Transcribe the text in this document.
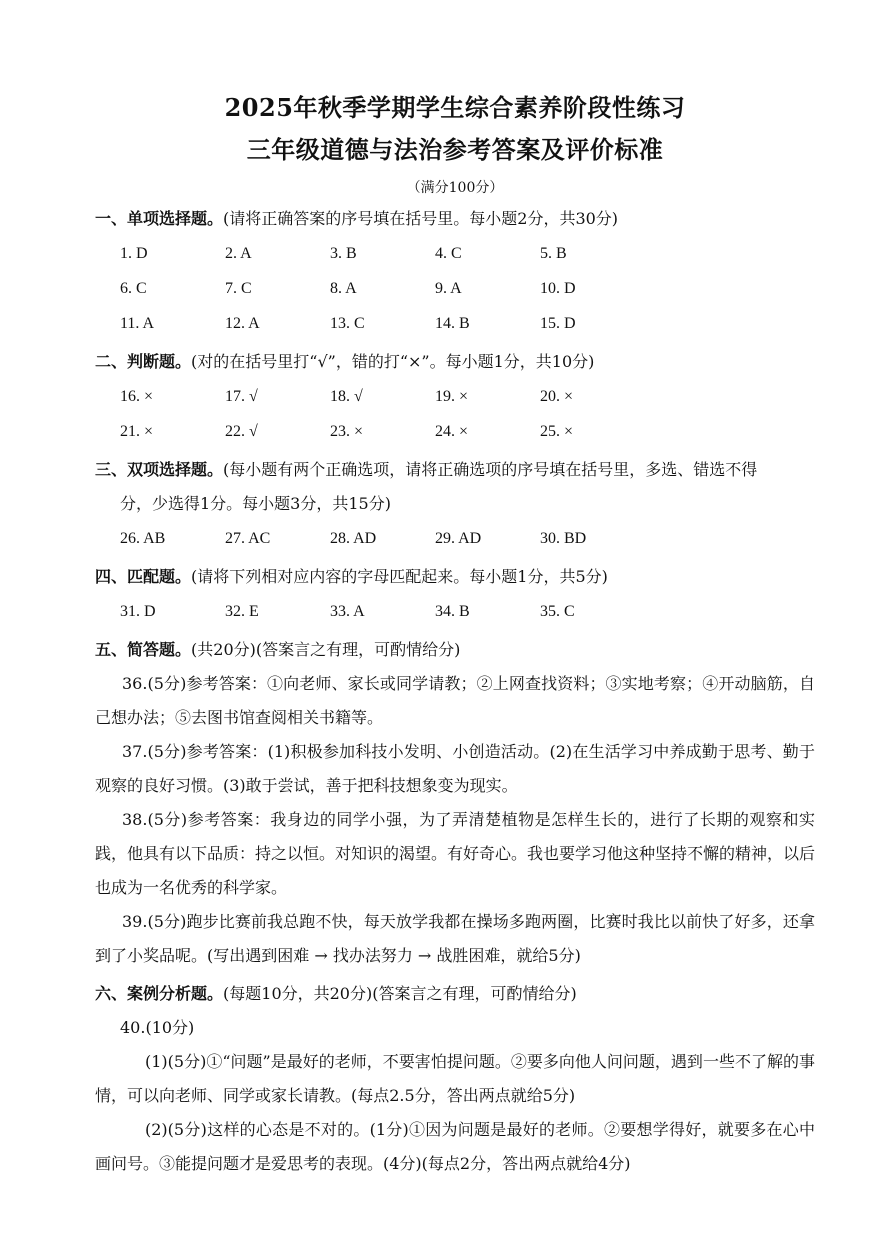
2025年秋季学期学生综合素养阶段性练习
三年级道德与法治参考答案及评价标准
（满分100分）
一、单项选择题。(请将正确答案的序号填在括号里。每小题2分，共30分)
1. D	2. A	3. B	4. C	5. B
6. C	7. C	8. A	9. A	10. D
11. A	12. A	13. C	14. B	15. D
二、判断题。(对的在括号里打“√”，错的打“×”。每小题1分，共10分)
16. ×	17. √	18. √	19. ×	20. ×
21. ×	22. √	23. ×	24. ×	25. ×
三、双项选择题。(每小题有两个正确选项，请将正确选项的序号填在括号里，多选、错选不得
分，少选得1分。每小题3分，共15分)
26. AB	27. AC	28. AD	29. AD	30. BD
四、匹配题。(请将下列相对应内容的字母匹配起来。每小题1分，共5分)
31. D	32. E	33. A	34. B	35. C
五、简答题。(共20分)(答案言之有理，可酌情给分)
36.(5分)参考答案：①向老师、家长或同学请教；②上网查找资料；③实地考察；④开动脑筋，自己想办法；⑤去图书馆查阅相关书籍等。
37.(5分)参考答案：(1)积极参加科技小发明、小创造活动。(2)在生活学习中养成勤于思考、勤于观察的良好习惯。(3)敢于尝试，善于把科技想象变为现实。
38.(5分)参考答案：我身边的同学小强，为了弄清楚植物是怎样生长的，进行了长期的观察和实践，他具有以下品质：持之以恒。对知识的渴望。有好奇心。我也要学习他这种坚持不懈的精神，以后也成为一名优秀的科学家。
39.(5分)跑步比赛前我总跑不快，每天放学我都在操场多跑两圈，比赛时我比以前快了好多，还拿到了小奖品呢。(写出遇到困难 → 找办法努力 → 战胜困难，就给5分)
六、案例分析题。(每题10分，共20分)(答案言之有理，可酌情给分)
40.(10分)
(1)(5分)①“问题”是最好的老师，不要害怕提问题。②要多向他人问问题，遇到一些不了解的事情，可以向老师、同学或家长请教。(每点2.5分，答出两点就给5分)
(2)(5分)这样的心态是不对的。(1分)①因为问题是最好的老师。②要想学得好，就要多在心中画问号。③能提问题才是爱思考的表现。(4分)(每点2分，答出两点就给4分)
